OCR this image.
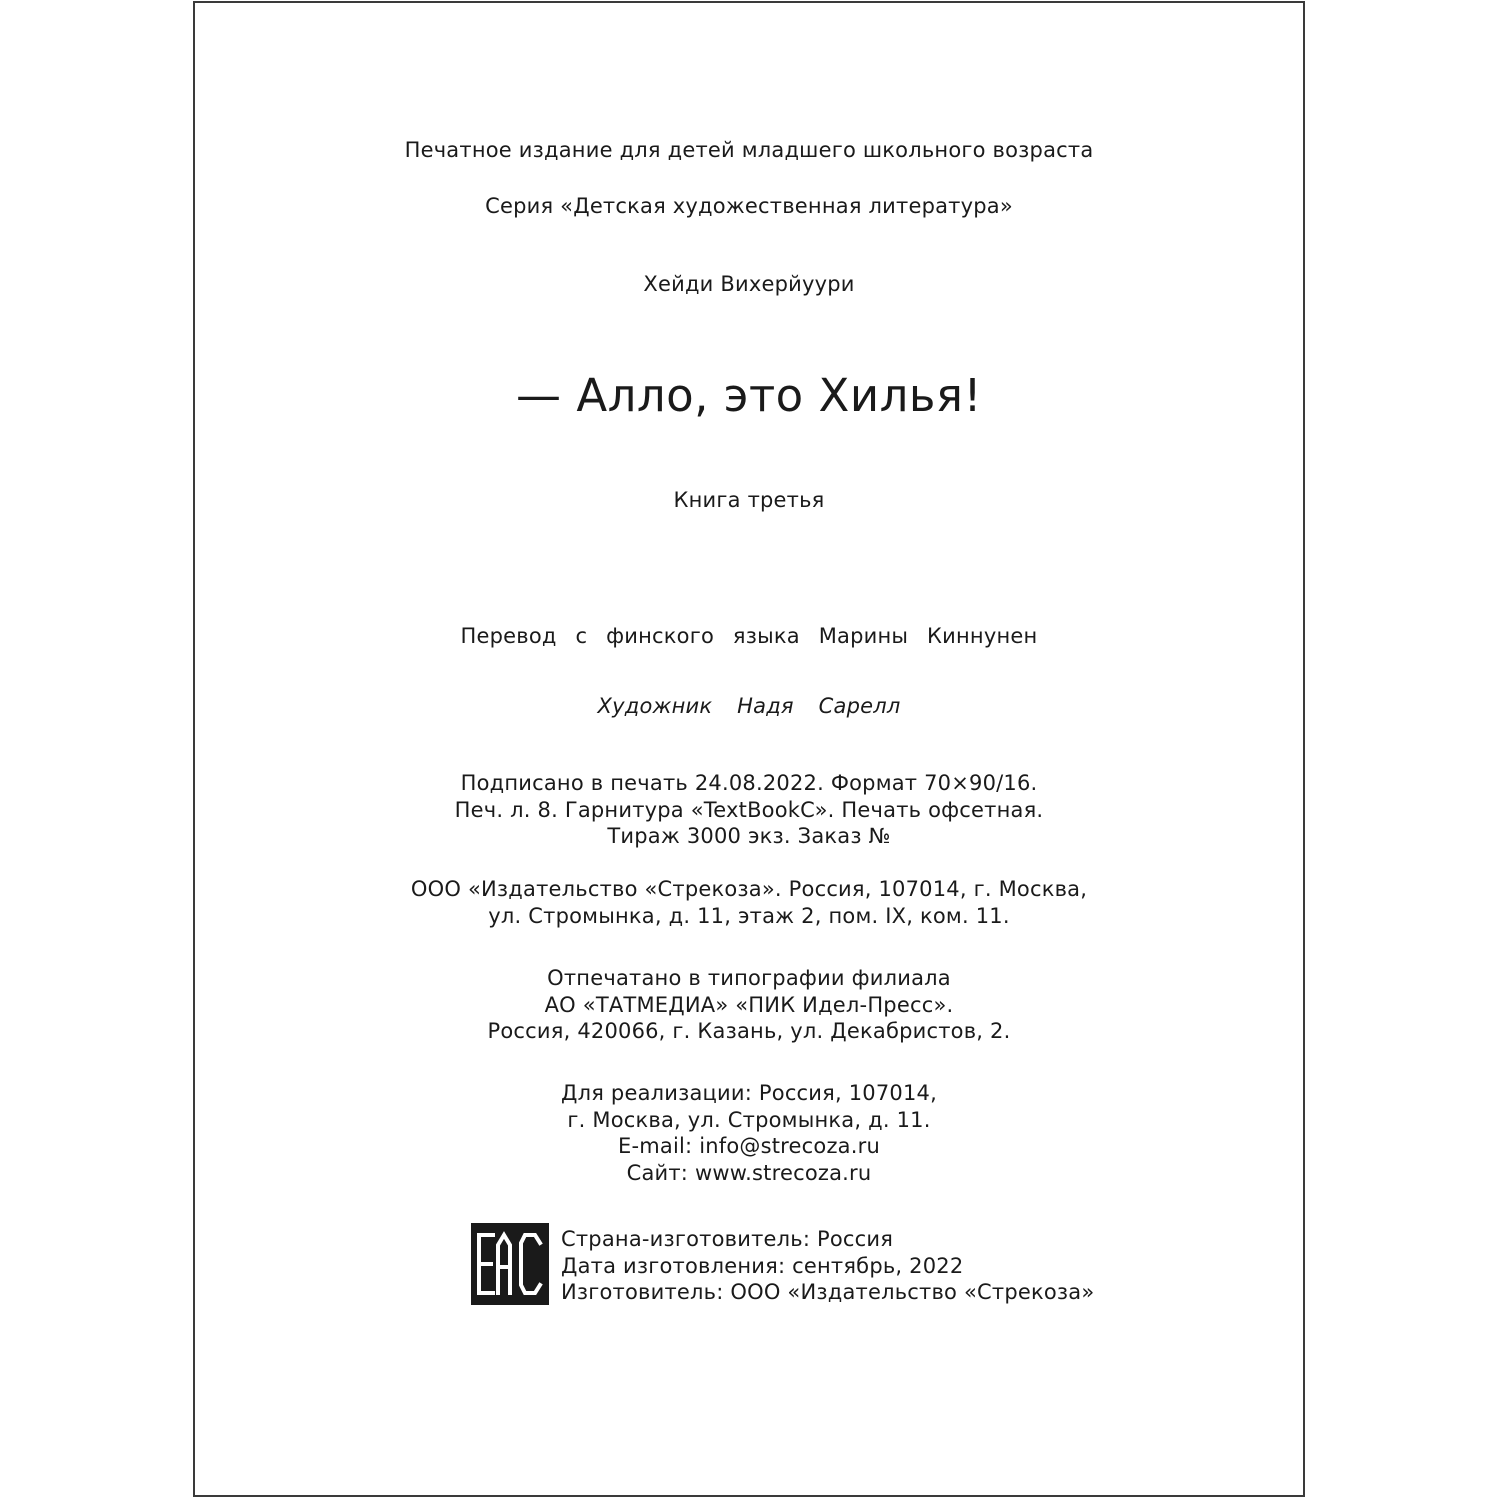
Печатное издание для детей младшего школьного возраста
Серия «Детская художественная литература»
Хейди Вихерйуури
— Алло, это Хилья!
Книга третья
Перевод с финского языка Марины Киннунен
Художник Надя Сарелл
Подписано в печать 24.08.2022. Формат 70×90/16.
Печ. л. 8. Гарнитура «TextBookC». Печать офсетная.
Тираж 3000 экз. Заказ №
ООО «Издательство «Стрекоза». Россия, 107014, г. Москва,
ул. Стромынка, д. 11, этаж 2, пом. IX, ком. 11.
Отпечатано в типографии филиала
АО «ТАТМЕДИА» «ПИК Идел-Пресс».
Россия, 420066, г. Казань, ул. Декабристов, 2.
Для реализации: Россия, 107014,
г. Москва, ул. Стромынка, д. 11.
E-mail: info@strecoza.ru
Сайт: www.strecoza.ru
Страна-изготовитель: Россия
Дата изготовления: сентябрь, 2022
Изготовитель: ООО «Издательство «Стрекоза»
